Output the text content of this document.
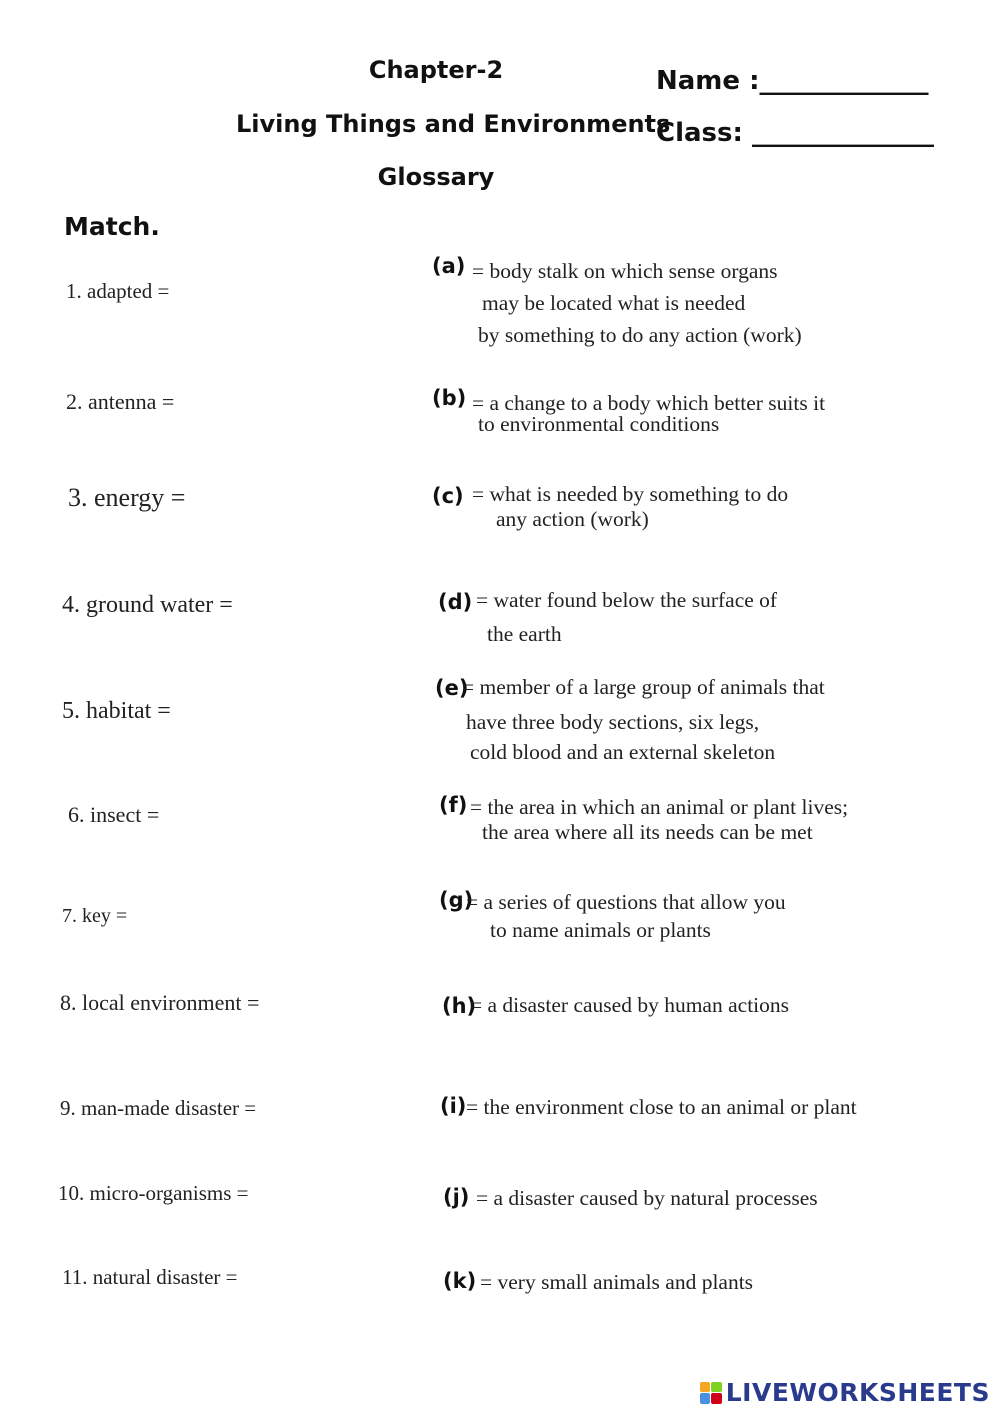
Chapter-2
Living Things and Environments
Glossary
Name :_____________
Class: ______________
Match.
1. adapted =
2. antenna =
3. energy =
4. ground water =
5. habitat =
6. insect =
7. key =
8. local environment =
9. man-made disaster =
10. micro-organisms =
11. natural disaster =
(a) = body stalk on which sense organs
may be located what is needed
by something to do any action (work)
(b) = a change to a body which better suits it
to environmental conditions
(c) = what is needed by something to do
any action (work)
(d) = water found below the surface of
the earth
(e)
= member of a large group of animals that
have three body sections, six legs,
cold blood and an external skeleton
(f) = the area in which an animal or plant lives;
the area where all its needs can be met
(g)
= a series of questions that allow you
to name animals or plants
(h)
= a disaster caused by human actions
(i) = the environment close to an animal or plant
(j) = a disaster caused by natural processes
(k) = very small animals and plants
LIVEWORKSHEETS
